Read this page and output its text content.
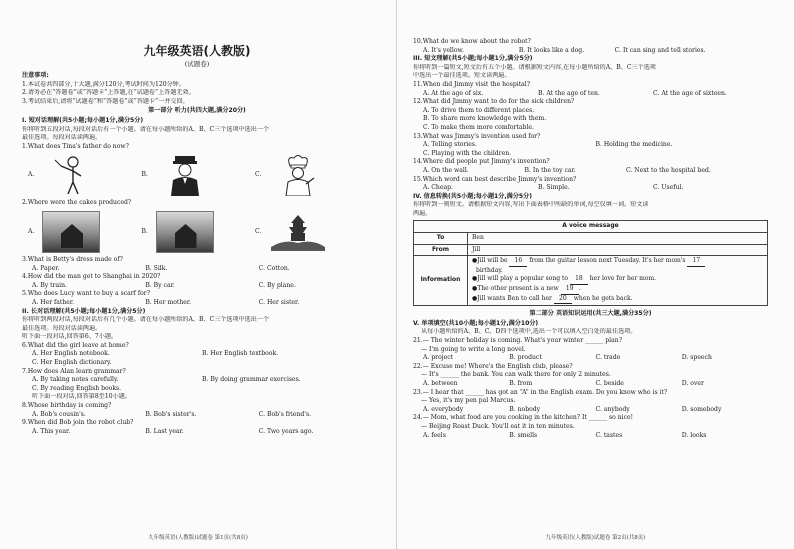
九年级英语(人教版)
(试题卷)
注意事项:
1.本试卷共四部分,十大题,满分120分,考试时间为120分钟。
2.请务必在“答题卷”或“答题卡”上答题,在“试题卷”上答题无效。
3.考试结束后,请将“试题卷”和“答题卷”或“答题卡”一并交回。
第一部分 听力(共四大题,满分20分)
I. 短对话理解(共5小题;每小题1分,满分5分)
你将听到五段对话,每段对话后有一个小题。请在每小题所给的A、B、C三个选项中选出一个
最佳选项。每段对话读两遍。
1.What does Tina's father do now?
A.	B.	C.
2.Where were the cakes produced?
A.	B.	C.
3.What is Betty's dress made of?
A. Paper.	B. Silk.	C. Cotton.
4.How did the man get to Shanghai in 2020?
A. By train.	B. By car.	C. By plane.
5.Who does Lucy want to buy a scarf for?
A. Her father.	B. Her mother.	C. Her sister.
II. 长对话理解(共5小题;每小题1分,满分5分)
你将听到两段对话,每段对话后有几个小题。请在每小题所给的A、B、C三个选项中选出一个
最佳选项。每段对话读两遍。
听下面一段对话,回答第6、7小题。
6.What did the girl leave at home?
A. Her English notebook.	B. Her English textbook.
C. Her English dictionary.
7.How does Alan learn grammar?
A. By taking notes carefully.	B. By doing grammar exercises.
C. By reading English books.
听下面一段对话,回答第8至10小题。
8.Whose birthday is coming?
A. Bob's cousin's.	B. Bob's sister's.	C. Bob's friend's.
9.When did Bob join the robot club?
A. This year.	B. Last year.	C. Two years ago.
九年级英语(人教版)试题卷 第1页(共8页)
10.What do we know about the robot?
A. It's yellow.	B. It looks like a dog.	C. It can sing and tell stories.
III. 短文理解(共5小题;每小题1分,满分5分)
你将听到一篇短文,短文后有五个小题。请根据短文内容,在每小题所给的A、B、C三个选项
中选出一个最佳选项。短文读两遍。
11.When did Jimmy visit the hospital?
A. At the age of six.	B. At the age of ten.	C. At the age of sixteen.
12.What did Jimmy want to do for the sick children?
A. To drive them to different places.
B. To share more knowledge with them.
C. To make them more comfortable.
13.What was Jimmy's invention used for?
A. Telling stories.	B. Holding the medicine.
C. Playing with the children.
14.Where did people put Jimmy's invention?
A. On the wall.	B. In the toy car.	C. Next to the hospital bed.
15.Which word can best describe Jimmy's invention?
A. Cheap.	B. Simple.	C. Useful.
IV. 信息转换(共5小题;每小题1分,满分5分)
你将听到一则短文。请根据短文内容,写出下面表格中所缺的单词,每空仅填一词。短文读
两遍。
A voice message	
To	Ben
From	Jill
Information	●Jill will be 16 from the guitar lesson next Tuesday. It's her mom's 17
birthday.
●Jill will play a popular song to 18 her love for her mom.
●The other present is a new 19 .
●Jill wants Ben to call her 20 when he gets back.
第二部分 英语知识运用(共三大题,满分35分)
V. 单项填空(共10小题;每小题1分,满分10分)
从每小题所给的A、B、C、D四个选项中,选出一个可以填入空白处的最佳选项。
21.— The winter holiday is coming. What's your winter ______ plan?
— I'm going to write a long novel.
A. project	B. product	C. trade	D. speech
22.— Excuse me! Where's the English club, please?
— It's ______ the bank. You can walk there for only 2 minutes.
A. between	B. from	C. beside	D. over
23.— I hear that ______ has got an “A” in the English exam. Do you know who is it?
— Yes, it's my pen pal Marcus.
A. everybody	B. nobody	C. anybody	D. somebody
24.— Mom, what food are you cooking in the kitchen? It ______ so nice!
— Beijing Roast Duck. You'll eat it in ten minutes.
A. feels	B. smells	C. tastes	D. looks
九年级英语(人教版)试题卷 第2页(共8页)
